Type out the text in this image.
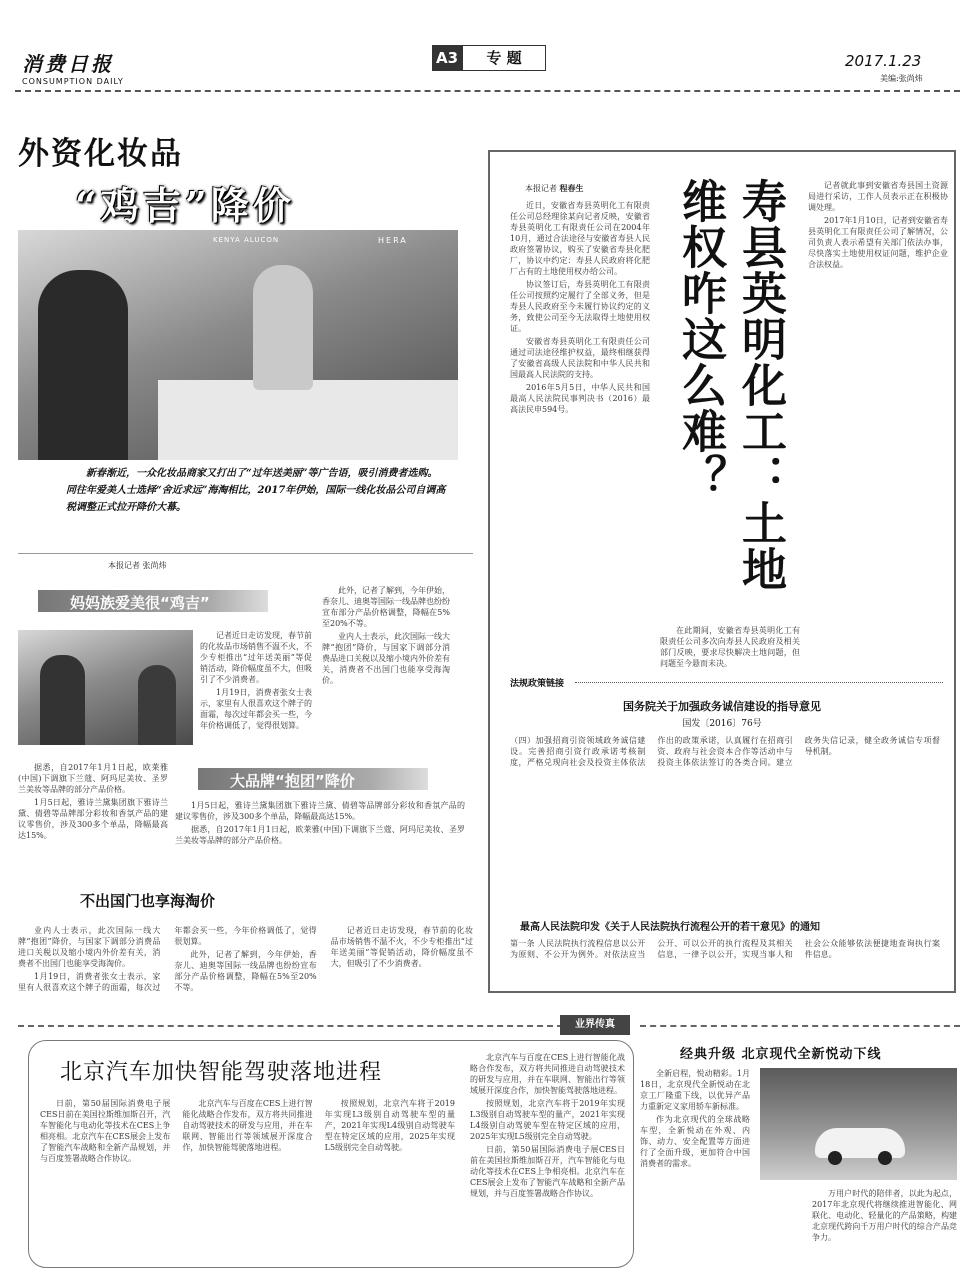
消费日报
CONSUMPTION DAILY
A3	专 题	2017.1.23
美编:张尚炜
外资化妆品
“鸡吉”降价
KENYA ALUCON	HERA
新春渐近，一众化妆品商家又打出了“过年送美丽”等广告语，吸引消费者选购。同往年爱美人士选择“舍近求远”海淘相比，2017年伊始，国际一线化妆品公司自调高税调整正式拉开降价大幕。
本报记者 张尚炜
妈妈族爱美很“鸡吉”

记者近日走访发现，春节前的化妆品市场销售不温不火，不少专柜推出“过年送美丽”等促销活动，降价幅度虽不大，但吸引了不少消费者。

1月19日，消费者张女士表示，家里有人很喜欢这个牌子的面霜，每次过年都会买一些，今年价格调低了，觉得很划算。

此外，记者了解到，今年伊始，香奈儿、迪奥等国际一线品牌也纷纷宣布部分产品价格调整，降幅在5%至20%不等。

业内人士表示，此次国际一线大牌“抱团”降价，与国家下调部分消费品进口关税以及缩小境内外价差有关，消费者不出国门也能享受海淘价。

据悉，自2017年1月1日起，欧莱雅(中国)下调旗下兰蔻、阿玛尼美妆、圣罗兰美妆等品牌的部分产品价格。

1月5日起，雅诗兰黛集团旗下雅诗兰黛、倩碧等品牌部分彩妆和香氛产品的建议零售价，涉及300多个单品，降幅最高达15%。

大品牌“抱团”降价

1月5日起，雅诗兰黛集团旗下雅诗兰黛、倩碧等品牌部分彩妆和香氛产品的建议零售价，涉及300多个单品，降幅最高达15%。

据悉，自2017年1月1日起，欧莱雅(中国)下调旗下兰蔻、阿玛尼美妆、圣罗兰美妆等品牌的部分产品价格。

不出国门也享海淘价

业内人士表示，此次国际一线大牌“抱团”降价，与国家下调部分消费品进口关税以及缩小境内外价差有关，消费者不出国门也能享受海淘价。

1月19日，消费者张女士表示，家里有人很喜欢这个牌子的面霜，每次过年都会买一些，今年价格调低了，觉得很划算。

此外，记者了解到，今年伊始，香奈儿、迪奥等国际一线品牌也纷纷宣布部分产品价格调整，降幅在5%至20%不等。

记者近日走访发现，春节前的化妆品市场销售不温不火，不少专柜推出“过年送美丽”等促销活动，降价幅度虽不大，但吸引了不少消费者。

本报记者 程春生	寿县英明化工：土地维权咋这么难？

近日，安徽省寿县英明化工有限责任公司总经理徐某向记者反映，安徽省寿县英明化工有限责任公司在2004年10月，通过合法途径与安徽省寿县人民政府签署协议，购买了安徽省寿县化肥厂，协议中约定：寿县人民政府将化肥厂占有的土地使用权办给公司。

协议签订后，寿县英明化工有限责任公司按照约定履行了全部义务，但是寿县人民政府至今未履行协议约定的义务，致使公司至今无法取得土地使用权证。

安徽省寿县英明化工有限责任公司通过司法途径维护权益，最终相继获得了安徽省高级人民法院和中华人民共和国最高人民法院的支持。

2016年5月5日，中华人民共和国最高人民法院民事判决书（2016）最高法民申594号。

在此期间，安徽省寿县英明化工有限责任公司多次向寿县人民政府及相关部门反映，要求尽快解决土地问题，但问题至今悬而未决。

记者就此事到安徽省寿县国土资源局进行采访，工作人员表示正在积极协调处理。

2017年1月10日，记者到安徽省寿县英明化工有限责任公司了解情况，公司负责人表示希望有关部门依法办事，尽快落实土地使用权证问题，维护企业合法权益。

法规政策链接
国务院关于加强政务诚信建设的指导意见
国发〔2016〕76号
（四）加强招商引资领域政务诚信建设。完善招商引资行政承诺考核制度，严格兑现向社会及投资主体依法作出的政策承诺，认真履行在招商引资、政府与社会资本合作等活动中与投资主体依法签订的各类合同。建立政务失信记录，健全政务诚信专项督导机制。
最高人民法院印发《关于人民法院执行流程公开的若干意见》的通知
第一条 人民法院执行流程信息以公开为原则、不公开为例外。对依法应当公开、可以公开的执行流程及其相关信息，一律予以公开，实现当事人和社会公众能够依法便捷地查询执行案件信息。
业界传真
北京汽车加快智能驾驶落地进程

日前，第50届国际消费电子展CES日前在美国拉斯维加斯召开，汽车智能化与电动化等技术在CES上争相亮相。北京汽车在CES展会上发布了智能汽车战略和全新产品规划，并与百度签署战略合作协议。

北京汽车与百度在CES上进行智能化战略合作发布，双方将共同推进自动驾驶技术的研发与应用，并在车联网、智能出行等领域展开深度合作，加快智能驾驶落地进程。

按照规划，北京汽车将于2019年实现L3级别自动驾驶车型的量产，2021年实现L4级别自动驾驶车型在特定区域的应用，2025年实现L5级别完全自动驾驶。

北京汽车与百度在CES上进行智能化战略合作发布，双方将共同推进自动驾驶技术的研发与应用，并在车联网、智能出行等领域展开深度合作，加快智能驾驶落地进程。

按照规划，北京汽车将于2019年实现L3级别自动驾驶车型的量产，2021年实现L4级别自动驾驶车型在特定区域的应用，2025年实现L5级别完全自动驾驶。

日前，第50届国际消费电子展CES日前在美国拉斯维加斯召开，汽车智能化与电动化等技术在CES上争相亮相。北京汽车在CES展会上发布了智能汽车战略和全新产品规划，并与百度签署战略合作协议。

经典升级 北京现代全新悦动下线

全新启程，悦动精彩。1月18日，北京现代全新悦动在北京工厂隆重下线，以优异产品力重新定义家用轿车新标准。

作为北京现代的全球战略车型，全新悦动在外观、内饰、动力、安全配置等方面进行了全面升级，更加符合中国消费者的需求。

万用户时代的陪伴者，以此为起点，2017年北京现代将继续推进智能化、网联化、电动化、轻量化的产品策略，构建北京现代跨向千万用户时代的综合产品竞争力。
